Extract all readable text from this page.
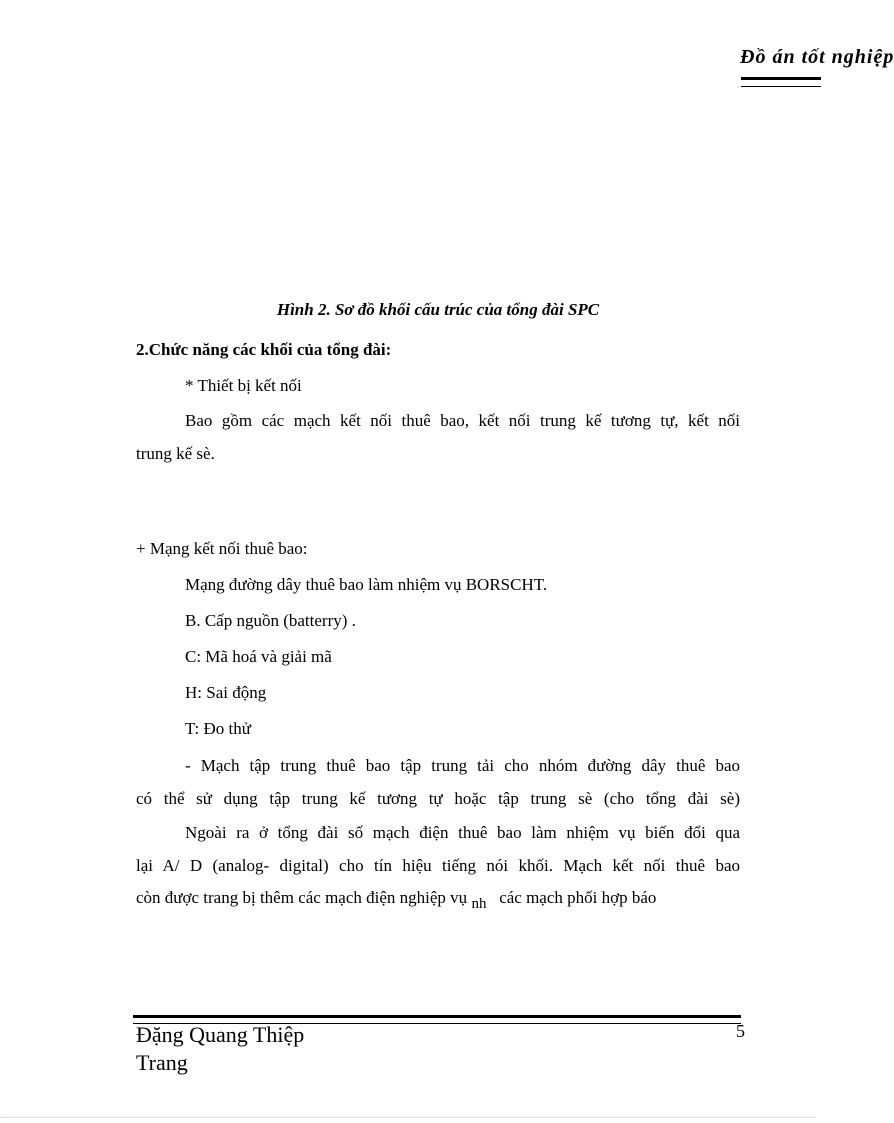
Đồ án tốt nghiệp
Hình 2. Sơ đồ khối cấu trúc của tổng đài SPC
2.Chức năng các khối của tổng đài:
* Thiết bị kết nối
Bao gồm các mạch kết nối thuê bao, kết nối trung kế tương tự, kết nối
trung kế sè.
+ Mạng kết nối thuê bao:
Mạng đường dây thuê bao làm nhiệm vụ BORSCHT.
B. Cấp nguồn (batterry) .
C: Mã hoá và giải mã
H: Sai động
T: Đo thử
- Mạch tập trung thuê bao tập trung tải cho nhóm đường dây thuê bao
có thể sử dụng tập trung kế tương tự hoặc tập trung sè (cho tổng đài sè)
Ngoài ra ở tổng đài số mạch điện thuê bao làm nhiệm vụ biến đổi qua
lại A/ D (analog- digital) cho tín hiệu tiếng nói khối. Mạch kết nối thuê bao
còn được trang bị thêm các mạch điện nghiệp vụ nh các mạch phối hợp báo
Đặng Quang Thiệp
Trang
5
